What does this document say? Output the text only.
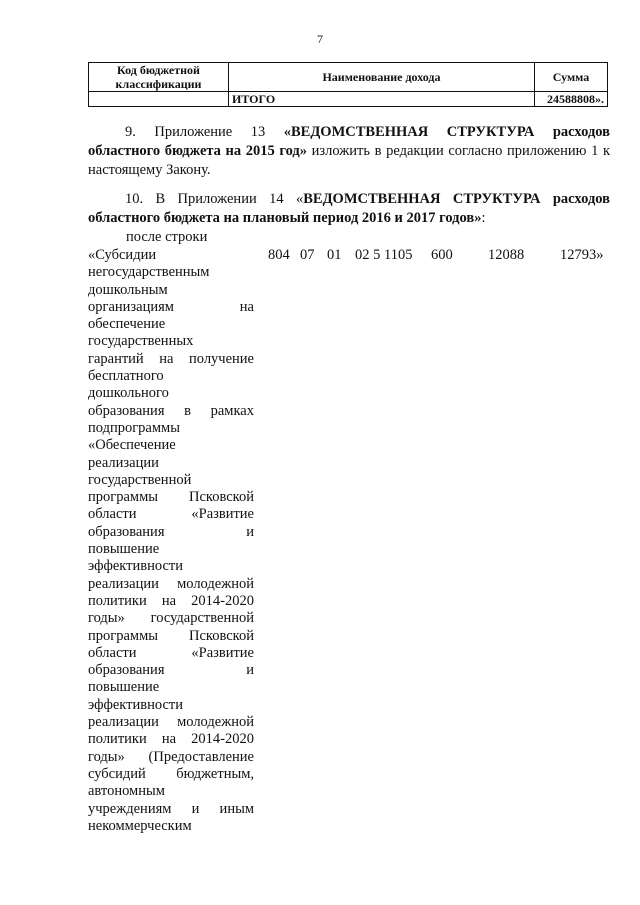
7
Код бюджетной классификации	Наименование дохода	Сумма
	ИТОГО	24588808».
9. Приложение 13 «ВЕДОМСТВЕННАЯ СТРУКТУРА расходов областного бюджета на 2015 год» изложить в редакции согласно приложению 1 к настоящему Закону.
10. В Приложении 14 «ВЕДОМСТВЕННАЯ СТРУКТУРА расходов областного бюджета на плановый период 2016 и 2017 годов»:
после строки
«Субсидии
негосударственным
дошкольным
организациям на
обеспечение
государственных
гарантий на получение
бесплатного
дошкольного
образования в рамках
подпрограммы
«Обеспечение
реализации
государственной
программы Псковской
области «Развитие
образования и
повышение
эффективности
реализации молодежной
политики на 2014-2020
годы» государственной
программы Псковской
области «Развитие
образования и
повышение
эффективности
реализации молодежной
политики на 2014-2020
годы» (Предоставление
субсидий бюджетным,
автономным
учреждениям и иным
некоммерческим
804 07 01 02 5 1105 600 12088 12793»
